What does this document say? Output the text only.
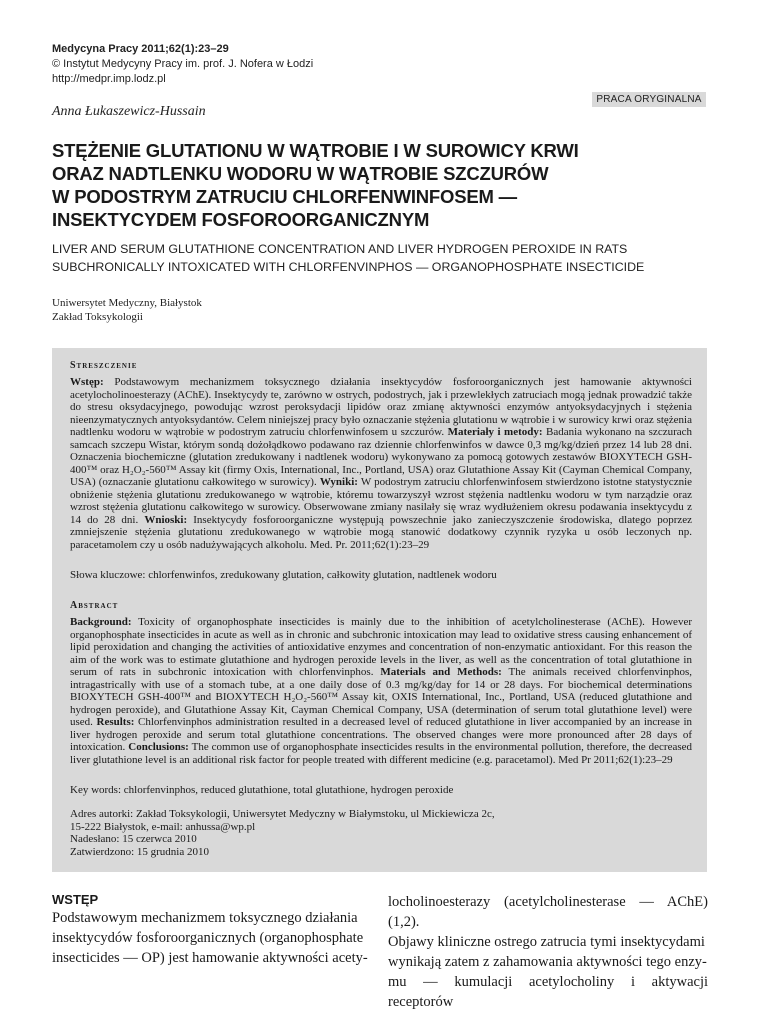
Medycyna Pracy 2011;62(1):23–29
© Instytut Medycyny Pracy im. prof. J. Nofera w Łodzi
http://medpr.imp.lodz.pl
PRACA ORYGINALNA
Anna Łukaszewicz-Hussain
STĘŻENIE GLUTATIONU W WĄTROBIE I W SUROWICY KRWI
ORAZ NADTLENKU WODORU W WĄTROBIE SZCZURÓW
W PODOSTRYM ZATRUCIU CHLORFENWINFOSEM —
INSEKTYCYDEM FOSFOROORGANICZNYM
LIVER AND SERUM GLUTATHIONE CONCENTRATION AND LIVER HYDROGEN PEROXIDE IN RATS
SUBCHRONICALLY INTOXICATED WITH CHLORFENVINPHOS — ORGANOPHOSPHATE INSECTICIDE
Uniwersytet Medyczny, Białystok
Zakład Toksykologii
Streszczenie
Wstęp: Podstawowym mechanizmem toksycznego działania insektycydów fosforoorganicznych jest hamowanie aktywności acetylocholinoesterazy (AChE). Insektycydy te, zarówno w ostrych, podostrych, jak i przewlekłych zatruciach mogą jednak prowadzić także do stresu oksydacyjnego, powodując wzrost peroksydacji lipidów oraz zmianę aktywności enzymów antyoksydacyjnych i stężenia nieenzymatycznych antyoksydantów. Celem niniejszej pracy było oznaczanie stężenia glutationu w wątrobie i w surowicy krwi oraz stężenia nadtlenku wodoru w wątrobie w podostrym zatruciu chlorfenwinfosem u szczurów. Materiały i metody: Badania wykonano na szczurach samcach szczepu Wistar, którym sondą dożołądkowo podawano raz dziennie chlorfenwinfos w dawce 0,3 mg/kg/dzień przez 14 lub 28 dni. Oznaczenia biochemiczne (glutation zredukowany i nadtlenek wodoru) wykonywano za pomocą gotowych zestawów BIOXYTECH GSH-400™ oraz H₂O₂-560™ Assay kit (firmy Oxis, International, Inc., Portland, USA) oraz Glutathione Assay Kit (Cayman Chemical Company, USA) (oznaczanie glutationu całkowitego w surowicy). Wyniki: W podostrym zatruciu chlorfenwinfosem stwierdzono istotne statystycznie obniżenie stężenia glutationu zredukowanego w wątrobie, któremu towarzyszył wzrost stężenia nadtlenku wodoru w tym narządzie oraz wzrost stężenia glutationu całkowitego w surowicy. Obserwowane zmiany nasilały się wraz wydłużeniem okresu podawania insektycydu z 14 do 28 dni. Wnioski: Insektycydy fosforoorganiczne występują powszechnie jako zanieczyszczenie środowiska, dlatego poprzez zmniejszenie stężenia glutationu zredukowanego w wątrobie mogą stanowić dodatkowy czynnik ryzyka u osób leczonych np. paracetamolem czy u osób nadużywających alkoholu. Med. Pr. 2011;62(1):23–29
Słowa kluczowe: chlorfenwinfos, zredukowany glutation, całkowity glutation, nadtlenek wodoru
Abstract
Background: Toxicity of organophosphate insecticides is mainly due to the inhibition of acetylcholinesterase (AChE). However organophosphate insecticides in acute as well as in chronic and subchronic intoxication may lead to oxidative stress causing enhancement of lipid peroxidation and changing the activities of antioxidative enzymes and concentration of non-enzymatic antioxidant. For this reason the aim of the work was to estimate glutathione and hydrogen peroxide levels in the liver, as well as the concentration of total glutathione in serum of rats in subchronic intoxication with chlorfenvinphos. Materials and Methods: The animals received chlorfenvinphos, intragastrically with use of a stomach tube, at a one daily dose of 0.3 mg/kg/day for 14 or 28 days. For biochemical determinations BIOXYTECH GSH-400™ and BIOXYTECH H₂O₂-560™ Assay kit, OXIS International, Inc., Portland, USA (reduced glutathione and hydrogen peroxide), and Glutathione Assay Kit, Cayman Chemical Company, USA (determination of serum total glutathione level) were used. Results: Chlorfenvinphos administration resulted in a decreased level of reduced glutathione in liver accompanied by an increase in liver hydrogen peroxide and serum total glutathione concentrations. The observed changes were more pronounced after 28 days of intoxication. Conclusions: The common use of organophosphate insecticides results in the environmental pollution, therefore, the decreased liver glutathione level is an additional risk factor for people treated with different medicine (e.g. paracetamol). Med Pr 2011;62(1):23–29
Key words: chlorfenvinphos, reduced glutathione, total glutathione, hydrogen peroxide
Adres autorki: Zakład Toksykologii, Uniwersytet Medyczny w Białymstoku, ul Mickiewicza 2c,
15-222 Białystok, e-mail: anhussa@wp.pl
Nadesłano: 15 czerwca 2010
Zatwierdzono: 15 grudnia 2010
WSTĘP
Podstawowym mechanizmem toksycznego działania
insektycydów fosforoorganicznych (organophosphate
insecticides — OP) jest hamowanie aktywności acety-
locholinoesterazy (acetylcholinesterase — AChE) (1,2).
Objawy kliniczne ostrego zatrucia tymi insektycydami
wynikają zatem z zahamowania aktywności tego enzy-
mu — kumulacji acetylocholiny i aktywacji receptorów
